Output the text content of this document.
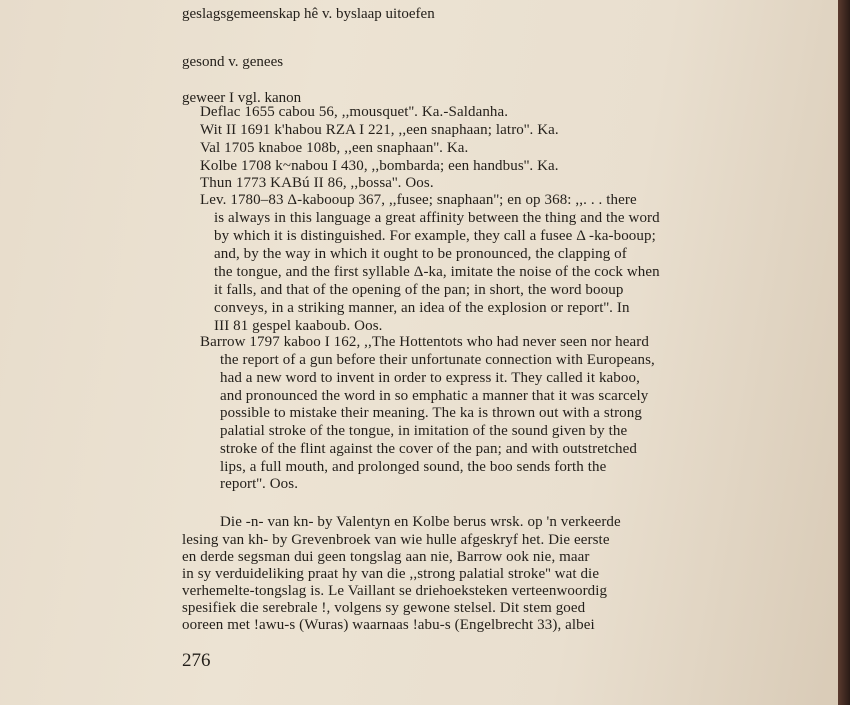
geslagsgemeenskap hê v. byslaap uitoefen
gesond v. genees
geweer I vgl. kanon
Deflac 1655 cabou 56, ,,mousquet''. Ka.-Saldanha.
Wit II 1691 k'habou RZA I 221, ,,een snaphaan; latro''. Ka.
Val 1705 knaboe 108b, ,,een snaphaan''. Ka.
Kolbe 1708 k~nabou I 430, ,,bombarda; een handbus''. Ka.
Thun 1773 KABú II 86, ,,bossa''. Oos.
Lev. 1780–83 Δ-kabooup 367, ,,fusee; snaphaan''; en op 368: ,,. . . there
is always in this language a great affinity between the thing and the word
by which it is distinguished. For example, they call a fusee Δ -ka-booup;
and, by the way in which it ought to be pronounced, the clapping of
the tongue, and the first syllable Δ-ka, imitate the noise of the cock when
it falls, and that of the opening of the pan; in short, the word booup
conveys, in a striking manner, an idea of the explosion or report''. In
III 81 gespel kaaboub. Oos.
Barrow 1797 kaboo I 162, ,,The Hottentots who had never seen nor heard
the report of a gun before their unfortunate connection with Europeans,
had a new word to invent in order to express it. They called it kaboo,
and pronounced the word in so emphatic a manner that it was scarcely
possible to mistake their meaning. The ka is thrown out with a strong
palatial stroke of the tongue, in imitation of the sound given by the
stroke of the flint against the cover of the pan; and with outstretched
lips, a full mouth, and prolonged sound, the boo sends forth the
report''. Oos.
Die -n- van kn- by Valentyn en Kolbe berus wrsk. op 'n verkeerde
lesing van kh- by Grevenbroek van wie hulle afgeskryf het. Die eerste
en derde segsman dui geen tongslag aan nie, Barrow ook nie, maar
in sy verduideliking praat hy van die ,,strong palatial stroke'' wat die
verhemelte-tongslag is. Le Vaillant se driehoeksteken verteenwoordig
spesifiek die serebrale !, volgens sy gewone stelsel. Dit stem goed
ooreen met !awu-s (Wuras) waarnaas !abu-s (Engelbrecht 33), albei
276
